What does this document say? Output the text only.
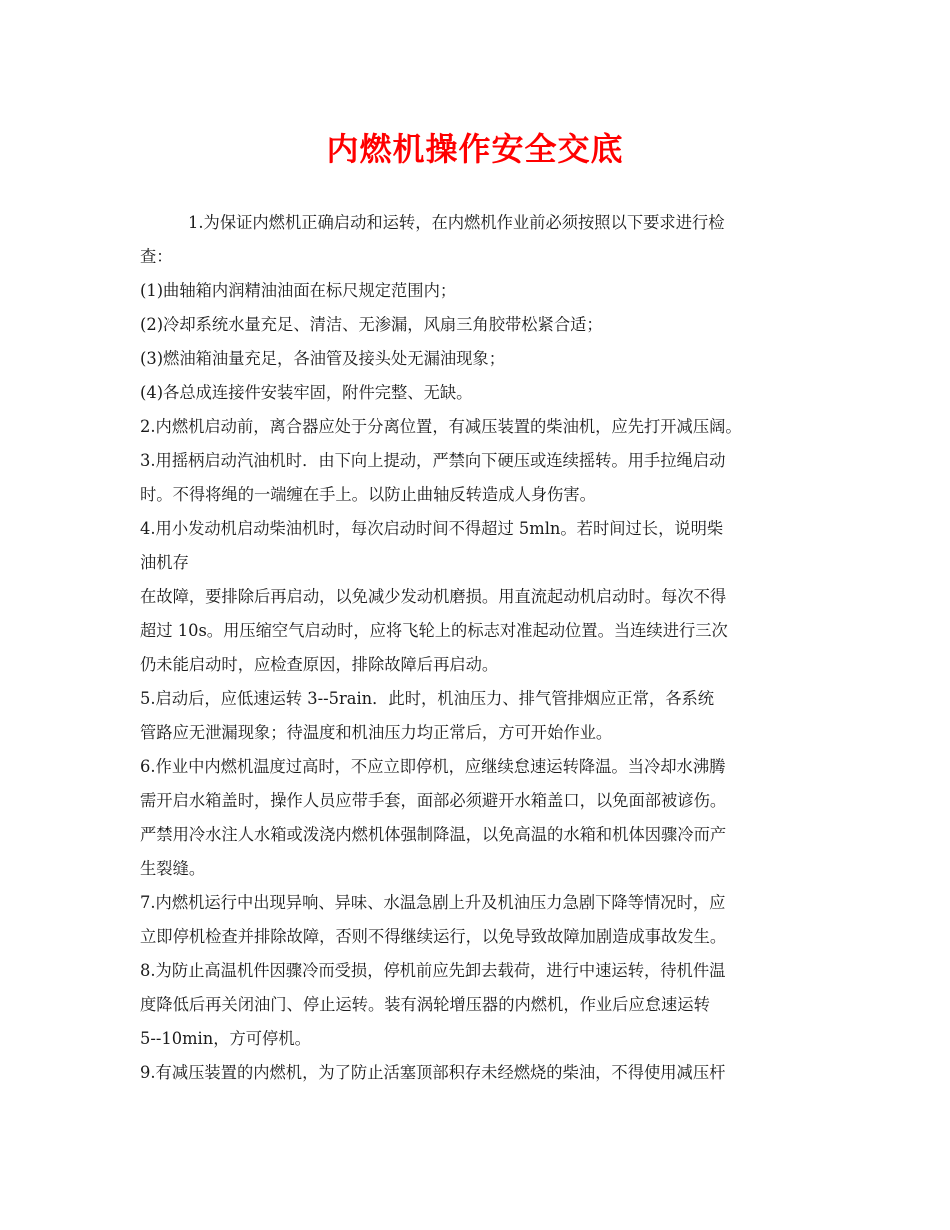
内燃机操作安全交底
1.为保证内燃机正确启动和运转，在内燃机作业前必须按照以下要求进行检
查：
(1)曲轴箱内润精油油面在标尺规定范围内；
(2)冷却系统水量充足、清洁、无渗漏，风扇三角胶带松紧合适；
(3)燃油箱油量充足，各油管及接头处无漏油现象；
(4)各总成连接件安装牢固，附件完整、无缺。
2.内燃机启动前，离合器应处于分离位置，有减压装置的柴油机，应先打开减压阔。
3.用摇柄启动汽油机时．由下向上提动，严禁向下硬压或连续摇转。用手拉绳启动
时。不得将绳的一端缠在手上。以防止曲轴反转造成人身伤害。
4.用小发动机启动柴油机时，每次启动时间不得超过 5mln。若时间过长，说明柴
油机存
在故障，要排除后再启动，以免减少发动机磨损。用直流起动机启动时。每次不得
超过 10s。用压缩空气启动时，应将飞轮上的标志对准起动位置。当连续进行三次
仍未能启动时，应检查原因，排除故障后再启动。
5.启动后，应低速运转 3--5rain．此时，机油压力、排气管排烟应正常，各系统
管路应无泄漏现象；待温度和机油压力均正常后，方可开始作业。
6.作业中内燃机温度过高时，不应立即停机，应继续怠速运转降温。当冷却水沸腾
需开启水箱盖时，操作人员应带手套，面部必须避开水箱盖口，以免面部被谚伤。
严禁用冷水注人水箱或泼浇内燃机体强制降温，以免高温的水箱和机体因骤冷而产
生裂缝。
7.内燃机运行中出现异响、异味、水温急剧上升及机油压力急剧下降等情况时，应
立即停机检查并排除故障，否则不得继续运行，以免导致故障加剧造成事故发生。
8.为防止高温机件因骤冷而受损，停机前应先卸去载荷，进行中速运转，待机件温
度降低后再关闭油门、停止运转。装有涡轮增压器的内燃机，作业后应怠速运转
5--10min，方可停机。
9.有减压装置的内燃机，为了防止活塞顶部积存未经燃烧的柴油，不得使用减压杆
